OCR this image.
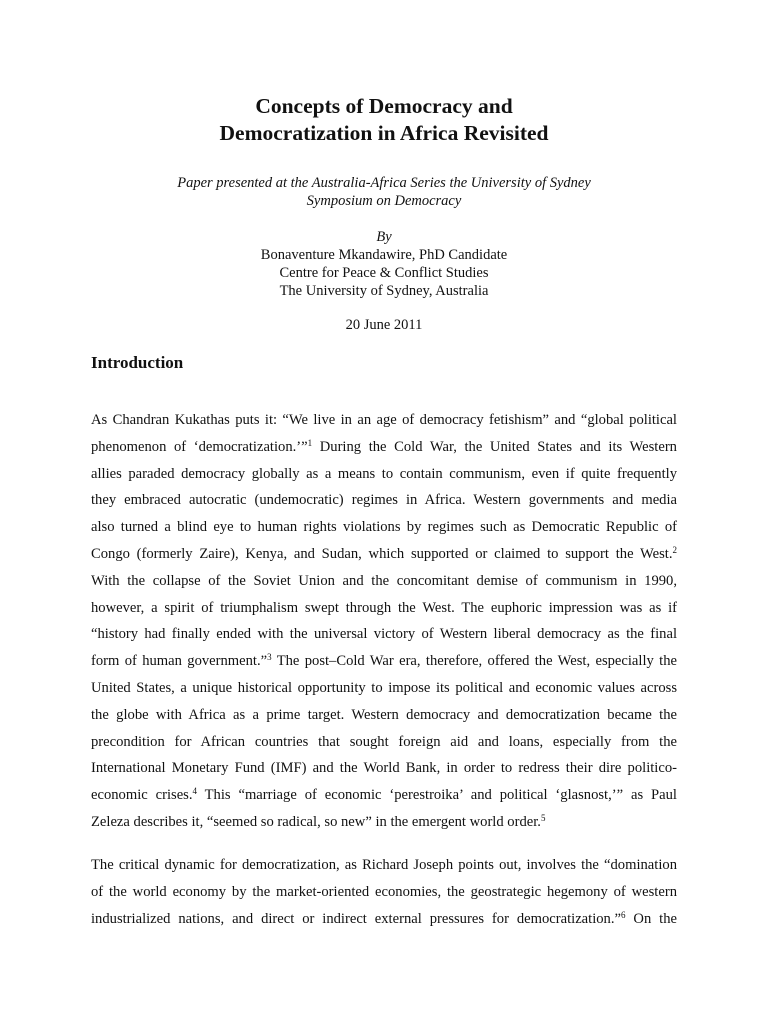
Concepts of Democracy and
Democratization in Africa Revisited
Paper presented at the Australia-Africa Series the University of Sydney
Symposium on Democracy
By
Bonaventure Mkandawire, PhD Candidate
Centre for Peace & Conflict Studies
The University of Sydney, Australia
20 June 2011
Introduction
As Chandran Kukathas puts it: “We live in an age of democracy fetishism” and “global political
phenomenon of ‘democratization.’”$^1$ During the Cold War, the United States and its Western
allies paraded democracy globally as a means to contain communism, even if quite frequently
they embraced autocratic (undemocratic) regimes in Africa. Western governments and media
also turned a blind eye to human rights violations by regimes such as Democratic Republic of
Congo (formerly Zaire), Kenya, and Sudan, which supported or claimed to support the West.$^2$
With the collapse of the Soviet Union and the concomitant demise of communism in 1990,
however, a spirit of triumphalism swept through the West. The euphoric impression was as if
“history had finally ended with the universal victory of Western liberal democracy as the final
form of human government.”$^3$ The post–Cold War era, therefore, offered the West, especially the
United States, a unique historical opportunity to impose its political and economic values across
the globe with Africa as a prime target. Western democracy and democratization became the
precondition for African countries that sought foreign aid and loans, especially from the
International Monetary Fund (IMF) and the World Bank, in order to redress their dire politico-
economic crises.$^4$ This “marriage of economic ‘perestroika’ and political ‘glasnost,’” as Paul
Zeleza describes it, “seemed so radical, so new” in the emergent world order.$^5$
The critical dynamic for democratization, as Richard Joseph points out, involves the “domination
of the world economy by the market-oriented economies, the geostrategic hegemony of western
industrialized nations, and direct or indirect external pressures for democratization.”$^6$ On the
